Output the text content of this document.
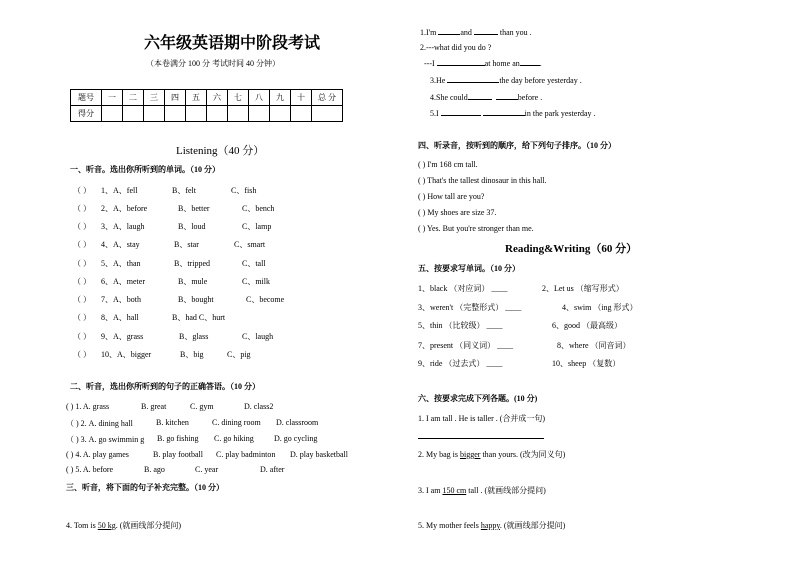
六年级英语期中阶段考试
（本卷满分 100 分 考试时间 40 分钟）
题号	一	二	三	四	五	六	七	八	九	十	总 分
得分											
Listening（40 分）
一、听音。选出你所听到的单词。（10 分）
（ ） 1、A、fell	B、felt	C、fish
（ ） 2、A、before	B、better	C、bench
（ ） 3、A、laugh	B、loud	C、lamp
（ ） 4、A、stay	B、star	C、smart
（ ） 5、A、than	B、tripped	C、tall
（ ） 6、A、meter	B、mule	C、milk
（ ） 7、A、both	B、bought	C、become
（ ） 8、A、hall	B、had C、hurt
（ ） 9、A、grass	B、glass	C、laugh
（ ） 10、A、bigger	B、big	C、pig
二、听音，选出你所听到的句子的正确答语。（10 分）
( ) 1. A. grass	B. great	C. gym	D. class2
（ ) 2. A. dining hall	B. kitchen	C. dining room D. classroom
（ ) 3. A. go swimmin g B. go fishing C. go hiking	D. go cycling
( ) 4. A. play games	B. play football C. play badminton D. play basketball
( ) 5. A. before	B. ago	C. year	D. after
三、听音，将下面的句子补充完整。（10 分）
4. Tom is 50 kg. (就画线部分提问)
1.I'm	and	than you .
2.---what did you do ?
---I	at home an	.
3.He	the day before yesterday .
4.She could	before .
5.I	in the park yesterday .
四、听录音，按听到的顺序，给下列句子排序。（10 分）
( ) I'm 168 cm tall.
( ) That's the tallest dinosaur in this hall.
( ) How tall are you?
( ) My shoes are size 37.
( ) Yes. But you're stronger than me.
Reading&Writing（60 分）
五、按要求写单词。（10 分）
1、black （对应词） ____	2、Let us （缩写形式）
3、weren't （完整形式） ____	4、swim （ing 形式）
5、thin （比较级） ____	6、good （最高级）
7、present （同义词） ____	8、where （同音词）
9、ride （过去式） ____	10、sheep （复数）
六、按要求完成下列各题。(10 分)
1. I am tall . He is taller . (合并成一句)
2. My bag is bigger than yours. (改为同义句)
3. I am 150 cm tall . (就画线部分提问)
5. My mother feels happy. (就画线部分提问)
